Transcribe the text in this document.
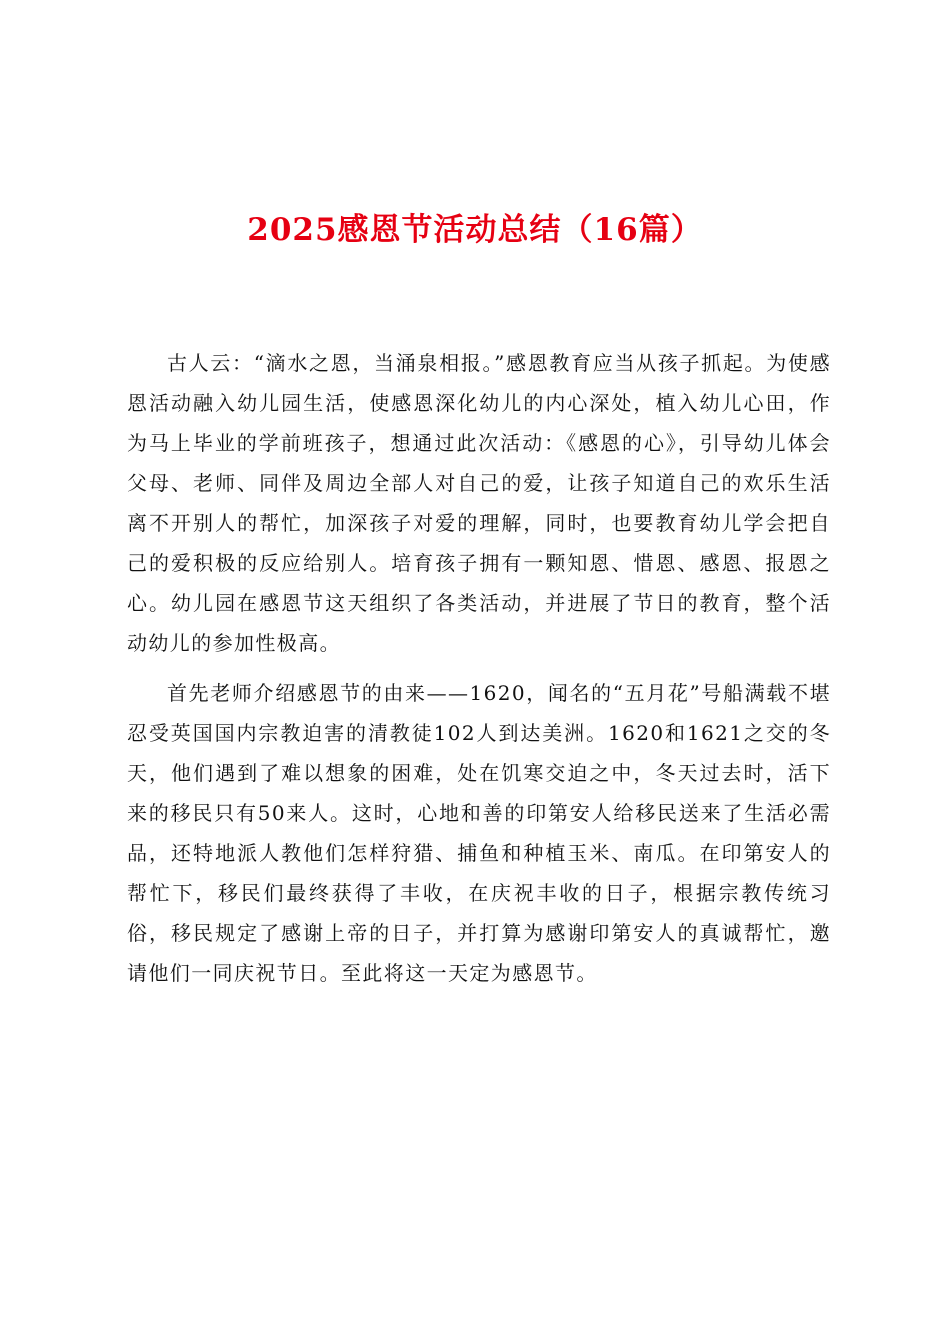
2025感恩节活动总结（16篇）

古人云：“滴水之恩，当涌泉相报。”感恩教育应当从孩子抓起。为使感恩活动融入幼儿园生活，使感恩深化幼儿的内心深处，植入幼儿心田，作为马上毕业的学前班孩子，想通过此次活动：《感恩的心》，引导幼儿体会父母、老师、同伴及周边全部人对自己的爱，让孩子知道自己的欢乐生活离不开别人的帮忙，加深孩子对爱的理解，同时，也要教育幼儿学会把自己的爱积极的反应给别人。培育孩子拥有一颗知恩、惜恩、感恩、报恩之心。幼儿园在感恩节这天组织了各类活动，并进展了节日的教育，整个活动幼儿的参加性极高。

首先老师介绍感恩节的由来——1620，闻名的“五月花”号船满载不堪忍受英国国内宗教迫害的清教徒102人到达美洲。1620和1621之交的冬天，他们遇到了难以想象的困难，处在饥寒交迫之中，冬天过去时，活下来的移民只有50来人。这时，心地和善的印第安人给移民送来了生活必需品，还特地派人教他们怎样狩猎、捕鱼和种植玉米、南瓜。在印第安人的帮忙下，移民们最终获得了丰收，在庆祝丰收的日子，根据宗教传统习俗，移民规定了感谢上帝的日子，并打算为感谢印第安人的真诚帮忙，邀请他们一同庆祝节日。至此将这一天定为感恩节。
